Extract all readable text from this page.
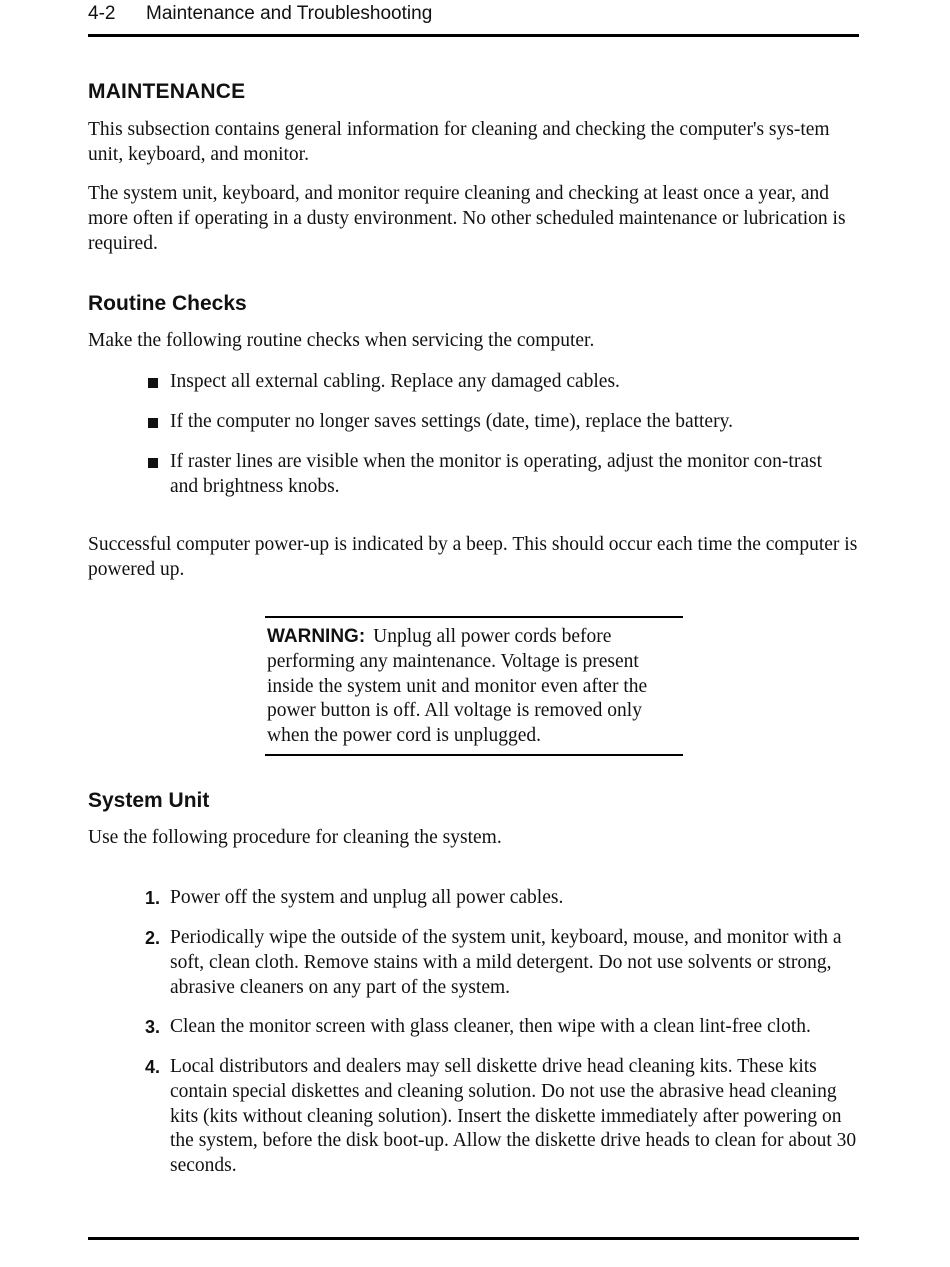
4-2 Maintenance and Troubleshooting
MAINTENANCE

This subsection contains general information for cleaning and checking the computer's sys-tem unit, keyboard, and monitor.

The system unit, keyboard, and monitor require cleaning and checking at least once a year, and more often if operating in a dusty environment. No other scheduled maintenance or lubrication is required.

Routine Checks

Make the following routine checks when servicing the computer.

Inspect all external cabling. Replace any damaged cables.
If the computer no longer saves settings (date, time), replace the battery.
If raster lines are visible when the monitor is operating, adjust the monitor con-trast and brightness knobs.

Successful computer power-up is indicated by a beep. This should occur each time the computer is powered up.

WARNING: Unplug all power cords before performing any maintenance. Voltage is present inside the system unit and monitor even after the power button is off. All voltage is removed only when the power cord is unplugged.
System Unit

Use the following procedure for cleaning the system.

1. Power off the system and unplug all power cables.
2. Periodically wipe the outside of the system unit, keyboard, mouse, and monitor with a soft, clean cloth. Remove stains with a mild detergent. Do not use solvents or strong, abrasive cleaners on any part of the system.
3. Clean the monitor screen with glass cleaner, then wipe with a clean lint-free cloth.
4. Local distributors and dealers may sell diskette drive head cleaning kits. These kits contain special diskettes and cleaning solution. Do not use the abrasive head cleaning kits (kits without cleaning solution). Insert the diskette immediately after powering on the system, before the disk boot-up. Allow the diskette drive heads to clean for about 30 seconds.
